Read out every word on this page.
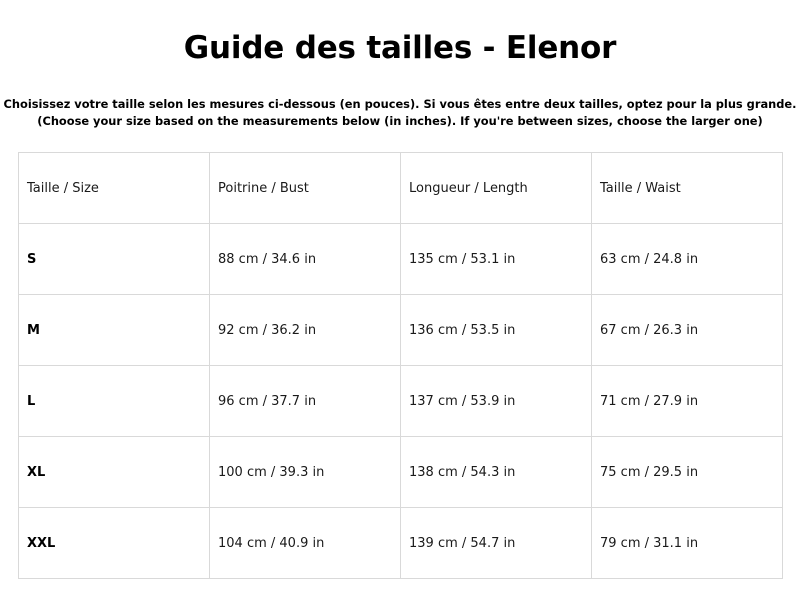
Guide des tailles - Elenor
Choisissez votre taille selon les mesures ci-dessous (en pouces). Si vous êtes entre deux tailles, optez pour la plus grande.
(Choose your size based on the measurements below (in inches). If you're between sizes, choose the larger one)
Taille / Size	Poitrine / Bust	Longueur / Length	Taille / Waist
S	88 cm / 34.6 in	135 cm / 53.1 in	63 cm / 24.8 in
M	92 cm / 36.2 in	136 cm / 53.5 in	67 cm / 26.3 in
L	96 cm / 37.7 in	137 cm / 53.9 in	71 cm / 27.9 in
XL	100 cm / 39.3 in	138 cm / 54.3 in	75 cm / 29.5 in
XXL	104 cm / 40.9 in	139 cm / 54.7 in	79 cm / 31.1 in
